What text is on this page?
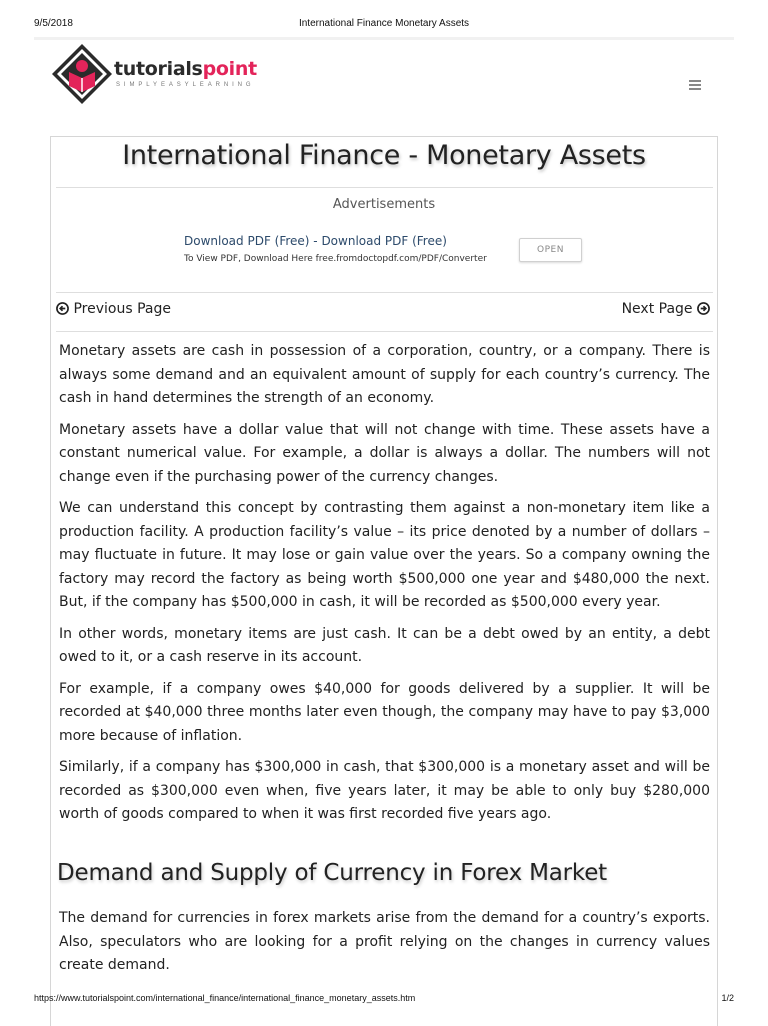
9/5/2018	International Finance Monetary Assets
tutorialspoint
SIMPLYEASYLEARNING
International Finance - Monetary Assets
Advertisements
Download PDF (Free) - Download PDF (Free)
To View PDF, Download Here free.fromdoctopdf.com/PDF/Converter
OPEN
Previous Page	Next Page

Monetary assets are cash in possession of a corporation, country, or a company. There is always some demand and an equivalent amount of supply for each country’s currency. The cash in hand determines the strength of an economy.

Monetary assets have a dollar value that will not change with time. These assets have a constant numerical value. For example, a dollar is always a dollar. The numbers will not change even if the purchasing power of the currency changes.

We can understand this concept by contrasting them against a non-monetary item like a production facility. A production facility’s value – its price denoted by a number of dollars – may fluctuate in future. It may lose or gain value over the years. So a company owning the factory may record the factory as being worth $500,000 one year and $480,000 the next. But, if the company has $500,000 in cash, it will be recorded as $500,000 every year.

In other words, monetary items are just cash. It can be a debt owed by an entity, a debt owed to it, or a cash reserve in its account.

For example, if a company owes $40,000 for goods delivered by a supplier. It will be recorded at $40,000 three months later even though, the company may have to pay $3,000 more because of inflation.

Similarly, if a company has $300,000 in cash, that $300,000 is a monetary asset and will be recorded as $300,000 even when, five years later, it may be able to only buy $280,000 worth of goods compared to when it was first recorded five years ago.

Demand and Supply of Currency in Forex Market

The demand for currencies in forex markets arise from the demand for a country’s exports. Also, speculators who are looking for a profit relying on the changes in currency values create demand.

https://www.tutorialspoint.com/international_finance/international_finance_monetary_assets.htm	1/2
